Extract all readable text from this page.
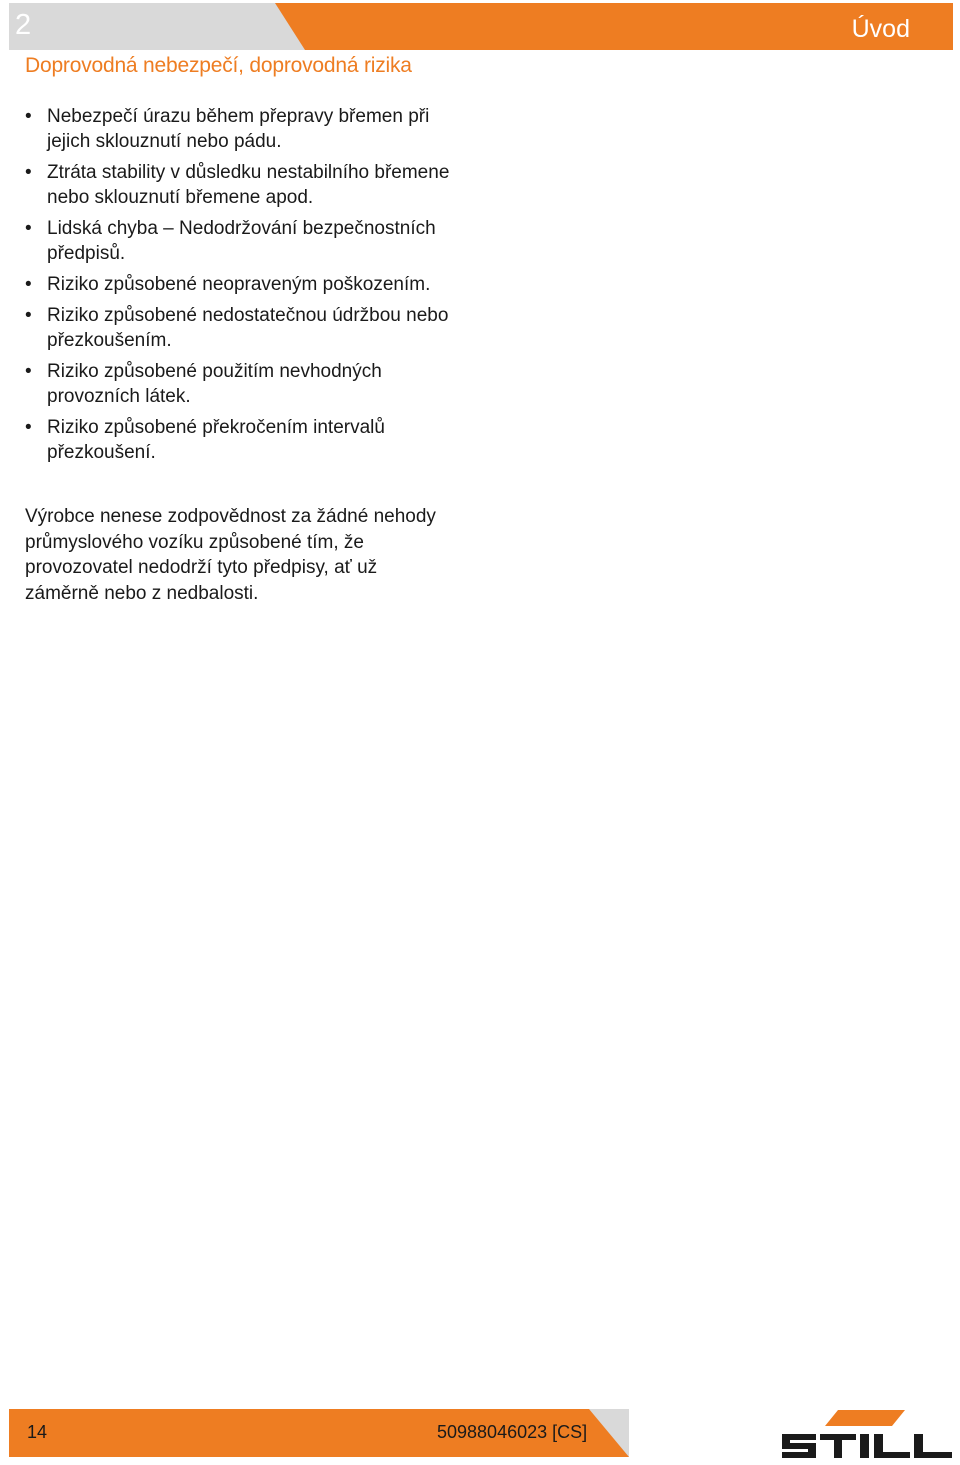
2	Úvod
Doprovodná nebezpečí, doprovodná rizika
• Nebezpečí úrazu během přepravy břemen při jejich sklouznutí nebo pádu.
• Ztráta stability v důsledku nestabilního břemene nebo sklouznutí břemene apod.
• Lidská chyba – Nedodržování bezpečnostních předpisů.
• Riziko způsobené neopraveným poškozením.
• Riziko způsobené nedostatečnou údržbou nebo přezkoušením.
• Riziko způsobené použitím nevhodných provozních látek.
• Riziko způsobené překročením intervalů přezkoušení.

Výrobce nenese zodpovědnost za žádné nehody průmyslového vozíku způsobené tím, že provozovatel nedodrží tyto předpisy, ať už záměrně nebo z nedbalosti.

14	50988046023 [CS]
